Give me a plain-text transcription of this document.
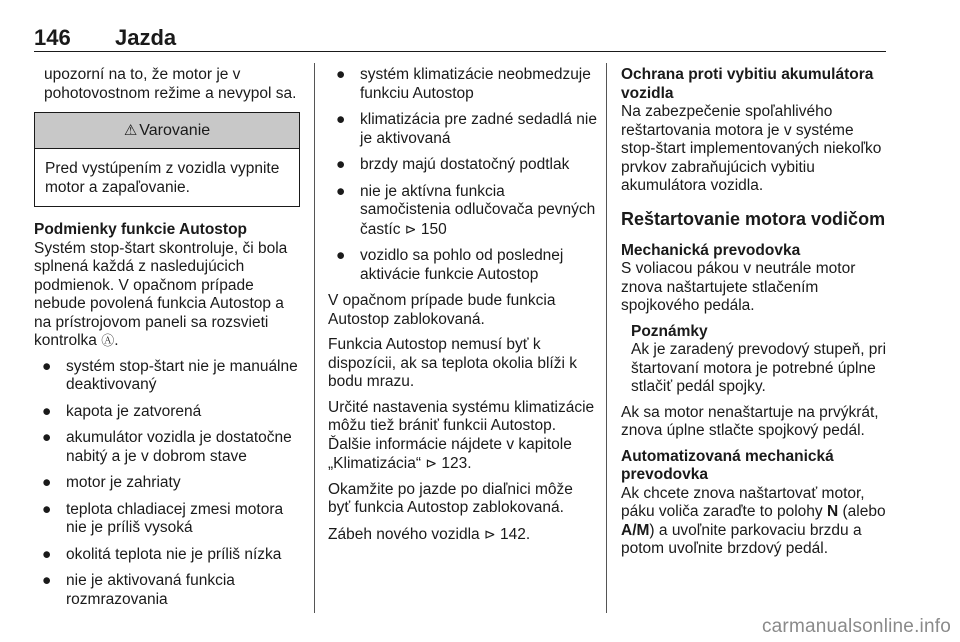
146 Jazda

upozorní na to, že motor je v pohotovostnom režime a nevypol sa.

⚠ Varovanie
Pred vystúpením z vozidla vypnite motor a zapaľovanie.
Podmienky funkcie Autostop

Systém stop-štart skontroluje, či bola splnená každá z nasledujúcich podmienok. V opačnom prípade nebude povolená funkcia Autostop a na prístrojovom paneli sa rozsvieti kontrolka Ⓐ.

● systém stop-štart nie je manuálne deaktivovaný
● kapota je zatvorená
● akumulátor vozidla je dostatočne nabitý a je v dobrom stave
● motor je zahriaty
● teplota chladiacej zmesi motora nie je príliš vysoká
● okolitá teplota nie je príliš nízka
● nie je aktivovaná funkcia rozmrazovania
● systém klimatizácie neobmedzuje funkciu Autostop
● klimatizácia pre zadné sedadlá nie je aktivovaná
● brzdy majú dostatočný podtlak
● nie je aktívna funkcia samočistenia odlučovača pevných častíc ⊳ 150
● vozidlo sa pohlo od poslednej aktivácie funkcie Autostop

V opačnom prípade bude funkcia Autostop zablokovaná.

Funkcia Autostop nemusí byť k dispozícii, ak sa teplota okolia blíži k bodu mrazu.

Určité nastavenia systému klimatizácie môžu tiež brániť funkcii Autostop. Ďalšie informácie nájdete v kapitole „Klimatizácia“ ⊳ 123.

Okamžite po jazde po diaľnici môže byť funkcia Autostop zablokovaná.

Zábeh nového vozidla ⊳ 142.

Ochrana proti vybitiu akumulátora vozidla

Na zabezpečenie spoľahlivého reštartovania motora je v systéme stop-štart implementovaných niekoľko prvkov zabraňujúcich vybitiu akumulátora vozidla.

Reštartovanie motora vodičom
Mechanická prevodovka

S voliacou pákou v neutrále motor znova naštartujete stlačením spojkového pedála.

Poznámky
Ak je zaradený prevodový stupeň, pri štartovaní motora je potrebné úplne stlačiť pedál spojky.

Ak sa motor nenaštartuje na prvýkrát, znova úplne stlačte spojkový pedál.

Automatizovaná mechanická prevodovka

Ak chcete znova naštartovať motor, páku voliča zaraďte to polohy N (alebo A/M) a uvoľnite parkovaciu brzdu a potom uvoľnite brzdový pedál.

carmanualsonline.info
